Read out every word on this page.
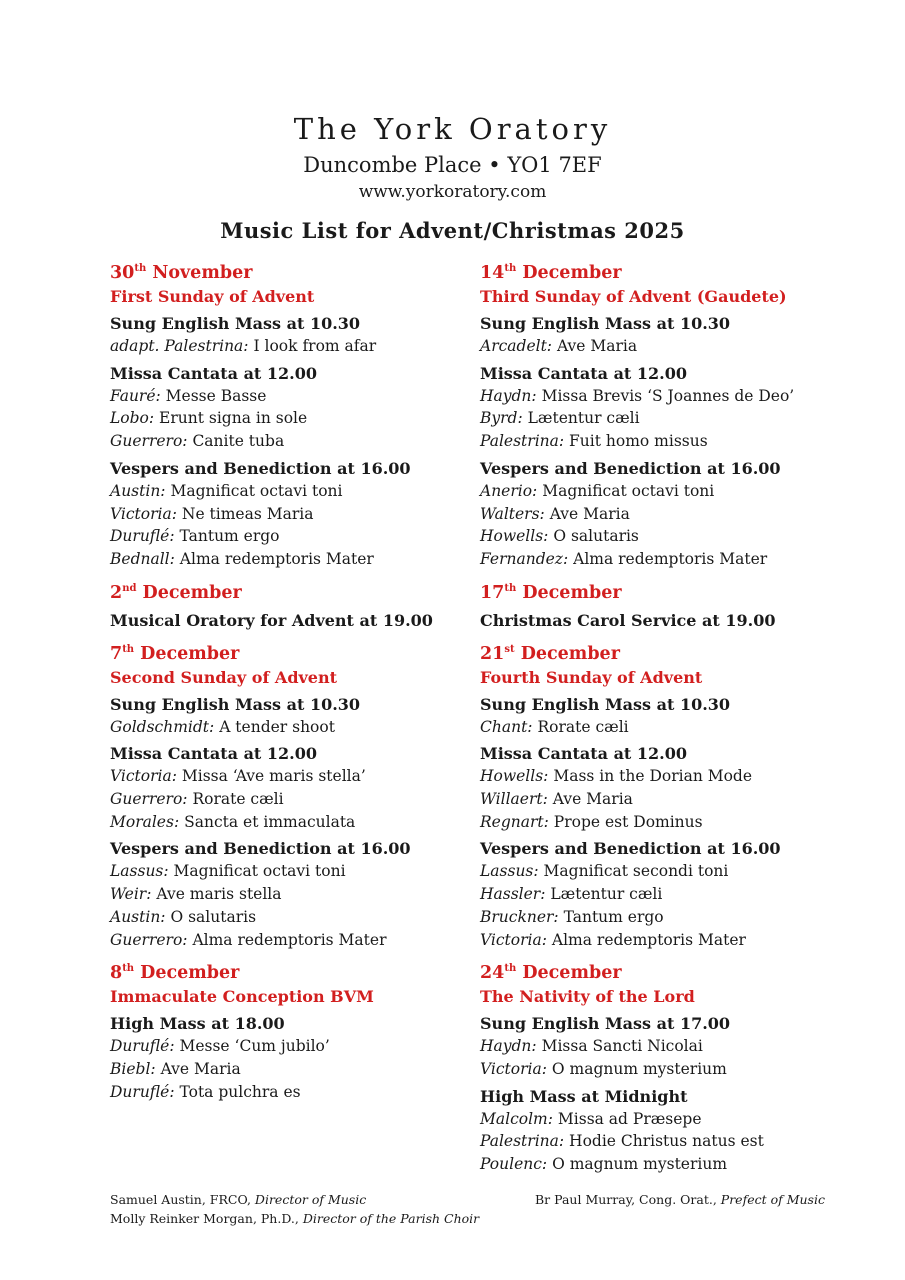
The York Oratory
Duncombe Place • YO1 7EF
www.yorkoratory.com
Music List for Advent/Christmas 2025
30th November
First Sunday of Advent
Sung English Mass at 10.30
adapt. Palestrina: I look from afar
Missa Cantata at 12.00
Fauré: Messe Basse
Lobo: Erunt signa in sole
Guerrero: Canite tuba
Vespers and Benediction at 16.00
Austin: Magnificat octavi toni
Victoria: Ne timeas Maria
Duruflé: Tantum ergo
Bednall: Alma redemptoris Mater
2nd December
Musical Oratory for Advent at 19.00
7th December
Second Sunday of Advent
Sung English Mass at 10.30
Goldschmidt: A tender shoot
Missa Cantata at 12.00
Victoria: Missa ‘Ave maris stella’
Guerrero: Rorate cæli
Morales: Sancta et immaculata
Vespers and Benediction at 16.00
Lassus: Magnificat octavi toni
Weir: Ave maris stella
Austin: O salutaris
Guerrero: Alma redemptoris Mater
8th December
Immaculate Conception BVM
High Mass at 18.00
Duruflé: Messe ‘Cum jubilo’
Biebl: Ave Maria
Duruflé: Tota pulchra es
14th December
Third Sunday of Advent (Gaudete)
Sung English Mass at 10.30
Arcadelt: Ave Maria
Missa Cantata at 12.00
Haydn: Missa Brevis ‘S Joannes de Deo’
Byrd: Lætentur cæli
Palestrina: Fuit homo missus
Vespers and Benediction at 16.00
Anerio: Magnificat octavi toni
Walters: Ave Maria
Howells: O salutaris
Fernandez: Alma redemptoris Mater
17th December
Christmas Carol Service at 19.00
21st December
Fourth Sunday of Advent
Sung English Mass at 10.30
Chant: Rorate cæli
Missa Cantata at 12.00
Howells: Mass in the Dorian Mode
Willaert: Ave Maria
Regnart: Prope est Dominus
Vespers and Benediction at 16.00
Lassus: Magnificat secondi toni
Hassler: Lætentur cæli
Bruckner: Tantum ergo
Victoria: Alma redemptoris Mater
24th December
The Nativity of the Lord
Sung English Mass at 17.00
Haydn: Missa Sancti Nicolai
Victoria: O magnum mysterium
High Mass at Midnight
Malcolm: Missa ad Præsepe
Palestrina: Hodie Christus natus est
Poulenc: O magnum mysterium
Samuel Austin, FRCO, Director of Music
Molly Reinker Morgan, Ph.D., Director of the Parish Choir
Br Paul Murray, Cong. Orat., Prefect of Music
